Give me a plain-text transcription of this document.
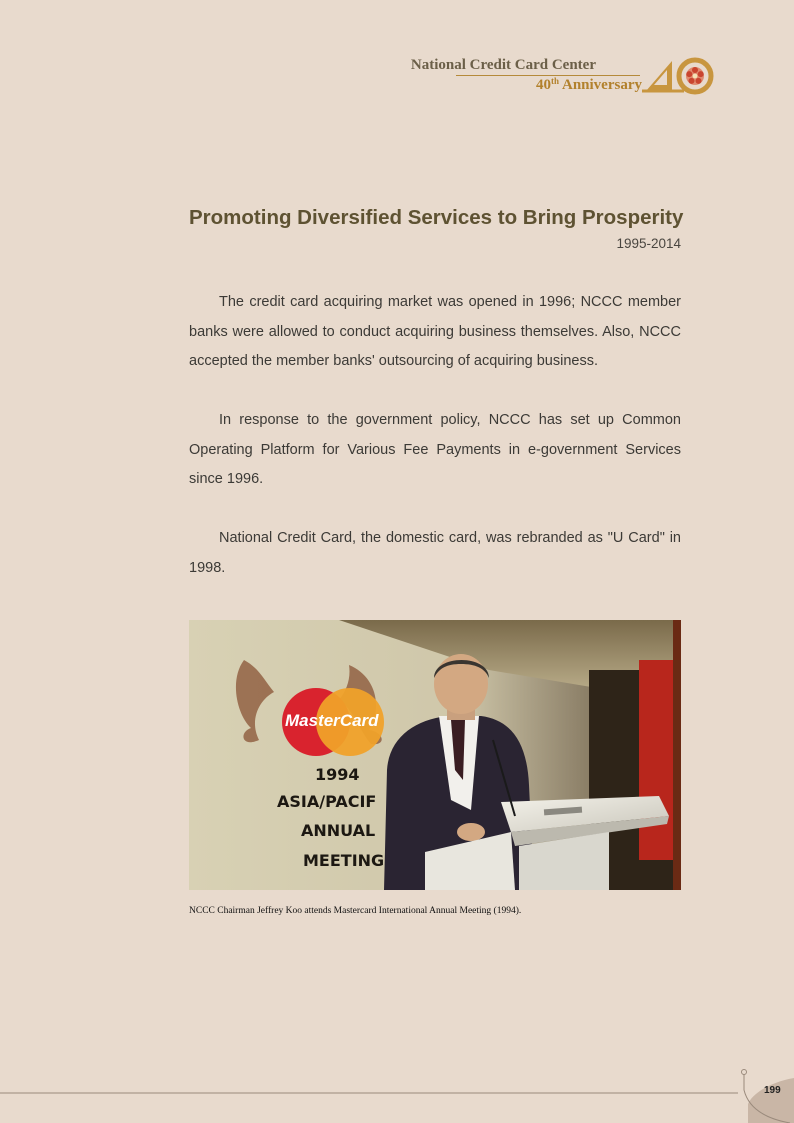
National Credit Card Center
40th Anniversary
Promoting Diversified Services to Bring Prosperity
1995-2014

The credit card acquiring market was opened in 1996; NCCC member banks were allowed to conduct acquiring business themselves. Also, NCCC accepted the member banks' outsourcing of acquiring business.

In response to the government policy, NCCC has set up Common Operating Platform for Various Fee Payments in e-government Services since 1996.

National Credit Card, the domestic card, was rebranded as "U Card" in 1998.

MasterCard
1994
ASIA/PACIF
ANNUAL
MEETING
NCCC Chairman Jeffrey Koo attends Mastercard International Annual Meeting (1994).
199
